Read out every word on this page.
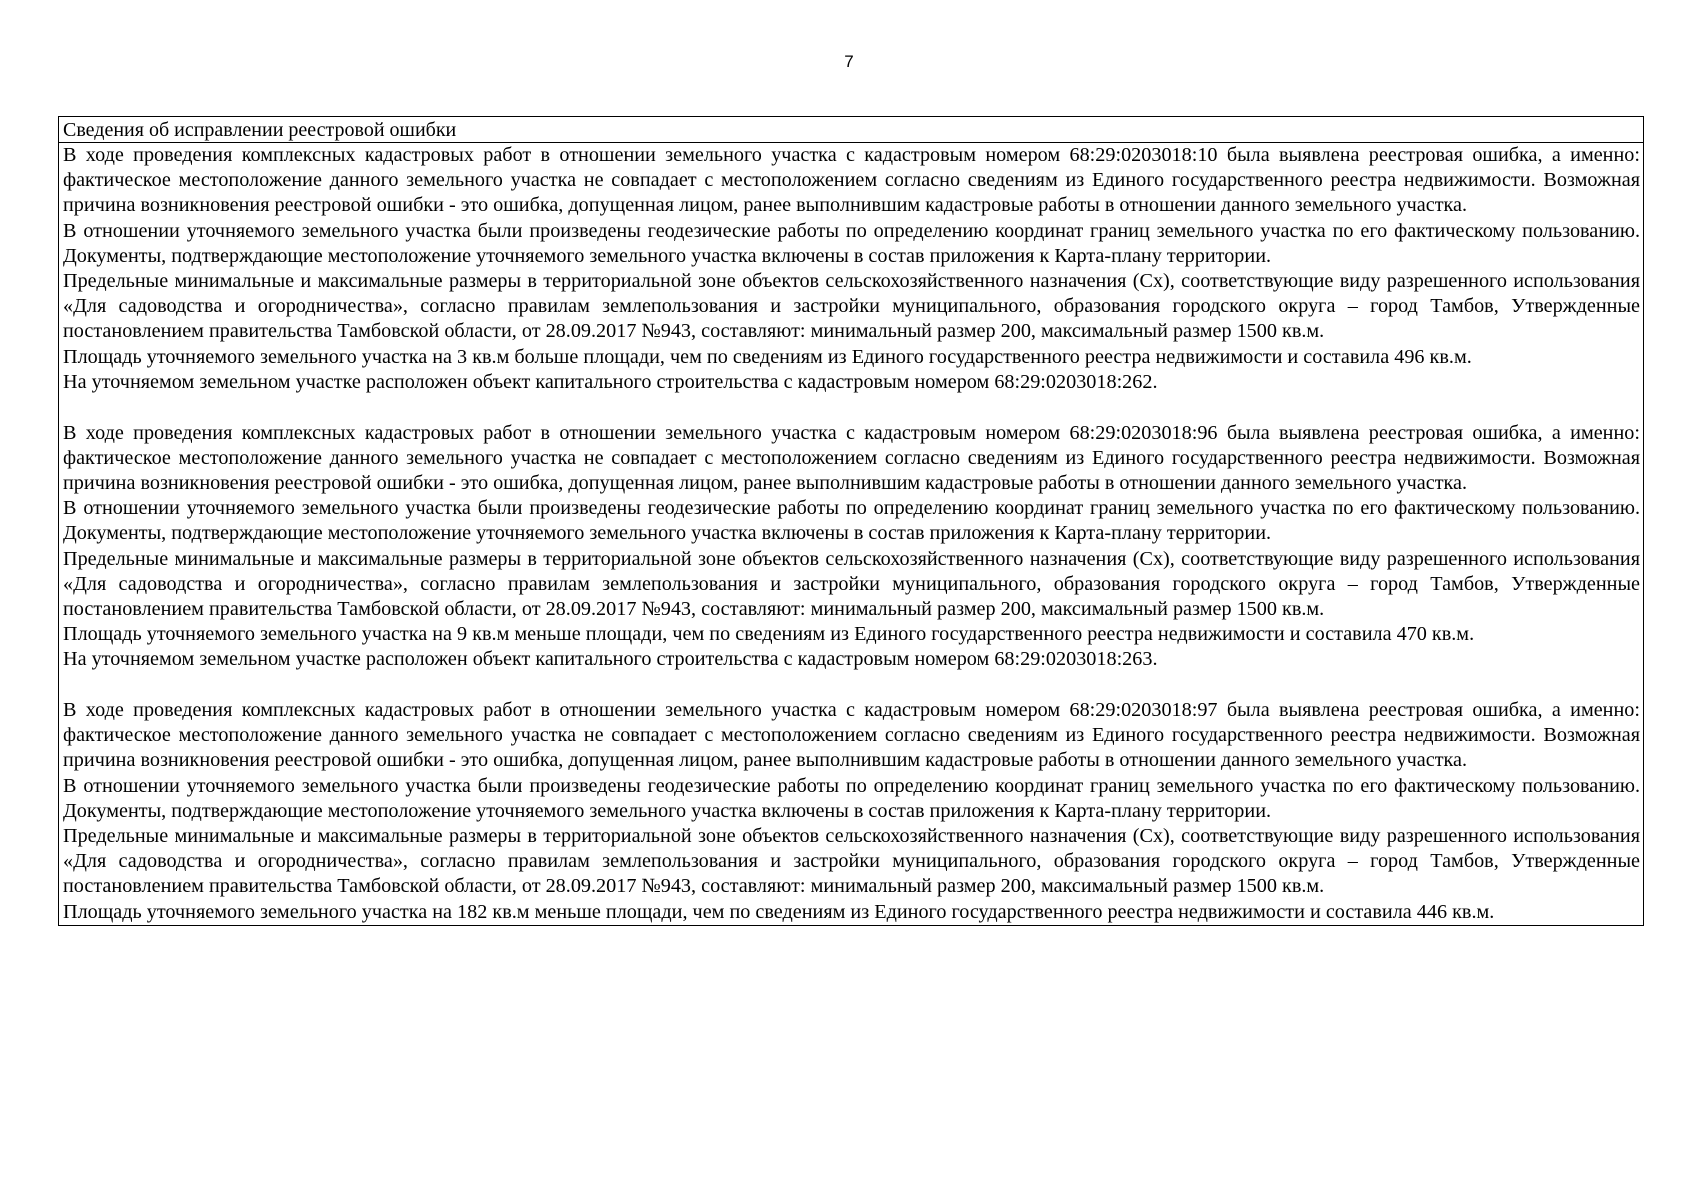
7
Сведения об исправлении реестровой ошибки

В ходе проведения комплексных кадастровых работ в отношении земельного участка с кадастровым номером 68:29:0203018:10 была выявлена реестровая ошибка, а именно: фактическое местоположение данного земельного участка не совпадает с местоположением согласно сведениям из Единого государственного реестра недвижимости. Возможная причина возникновения реестровой ошибки - это ошибка, допущенная лицом, ранее выполнившим кадастровые работы в отношении данного земельного участка.

В отношении уточняемого земельного участка были произведены геодезические работы по определению координат границ земельного участка по его фактическому пользованию. Документы, подтверждающие местоположение уточняемого земельного участка включены в состав приложения к Карта-плану территории.

Предельные минимальные и максимальные размеры в территориальной зоне объектов сельскохозяйственного назначения (Сх), соответствующие виду разрешенного использования «Для садоводства и огородничества», согласно правилам землепользования и застройки муниципального, образования городского округа – город Тамбов, Утвержденные постановлением правительства Тамбовской области, от 28.09.2017 №943, составляют: минимальный размер 200, максимальный размер 1500 кв.м.

Площадь уточняемого земельного участка на 3 кв.м больше площади, чем по сведениям из Единого государственного реестра недвижимости и составила 496 кв.м.

На уточняемом земельном участке расположен объект капитального строительства с кадастровым номером 68:29:0203018:262.

В ходе проведения комплексных кадастровых работ в отношении земельного участка с кадастровым номером 68:29:0203018:96 была выявлена реестровая ошибка, а именно: фактическое местоположение данного земельного участка не совпадает с местоположением согласно сведениям из Единого государственного реестра недвижимости. Возможная причина возникновения реестровой ошибки - это ошибка, допущенная лицом, ранее выполнившим кадастровые работы в отношении данного земельного участка.

В отношении уточняемого земельного участка были произведены геодезические работы по определению координат границ земельного участка по его фактическому пользованию. Документы, подтверждающие местоположение уточняемого земельного участка включены в состав приложения к Карта-плану территории.

Предельные минимальные и максимальные размеры в территориальной зоне объектов сельскохозяйственного назначения (Сх), соответствующие виду разрешенного использования «Для садоводства и огородничества», согласно правилам землепользования и застройки муниципального, образования городского округа – город Тамбов, Утвержденные постановлением правительства Тамбовской области, от 28.09.2017 №943, составляют: минимальный размер 200, максимальный размер 1500 кв.м.

Площадь уточняемого земельного участка на 9 кв.м меньше площади, чем по сведениям из Единого государственного реестра недвижимости и составила 470 кв.м.

На уточняемом земельном участке расположен объект капитального строительства с кадастровым номером 68:29:0203018:263.

В ходе проведения комплексных кадастровых работ в отношении земельного участка с кадастровым номером 68:29:0203018:97 была выявлена реестровая ошибка, а именно: фактическое местоположение данного земельного участка не совпадает с местоположением согласно сведениям из Единого государственного реестра недвижимости. Возможная причина возникновения реестровой ошибки - это ошибка, допущенная лицом, ранее выполнившим кадастровые работы в отношении данного земельного участка.

В отношении уточняемого земельного участка были произведены геодезические работы по определению координат границ земельного участка по его фактическому пользованию. Документы, подтверждающие местоположение уточняемого земельного участка включены в состав приложения к Карта-плану территории.

Предельные минимальные и максимальные размеры в территориальной зоне объектов сельскохозяйственного назначения (Сх), соответствующие виду разрешенного использования «Для садоводства и огородничества», согласно правилам землепользования и застройки муниципального, образования городского округа – город Тамбов, Утвержденные постановлением правительства Тамбовской области, от 28.09.2017 №943, составляют: минимальный размер 200, максимальный размер 1500 кв.м.

Площадь уточняемого земельного участка на 182 кв.м меньше площади, чем по сведениям из Единого государственного реестра недвижимости и составила 446 кв.м.
